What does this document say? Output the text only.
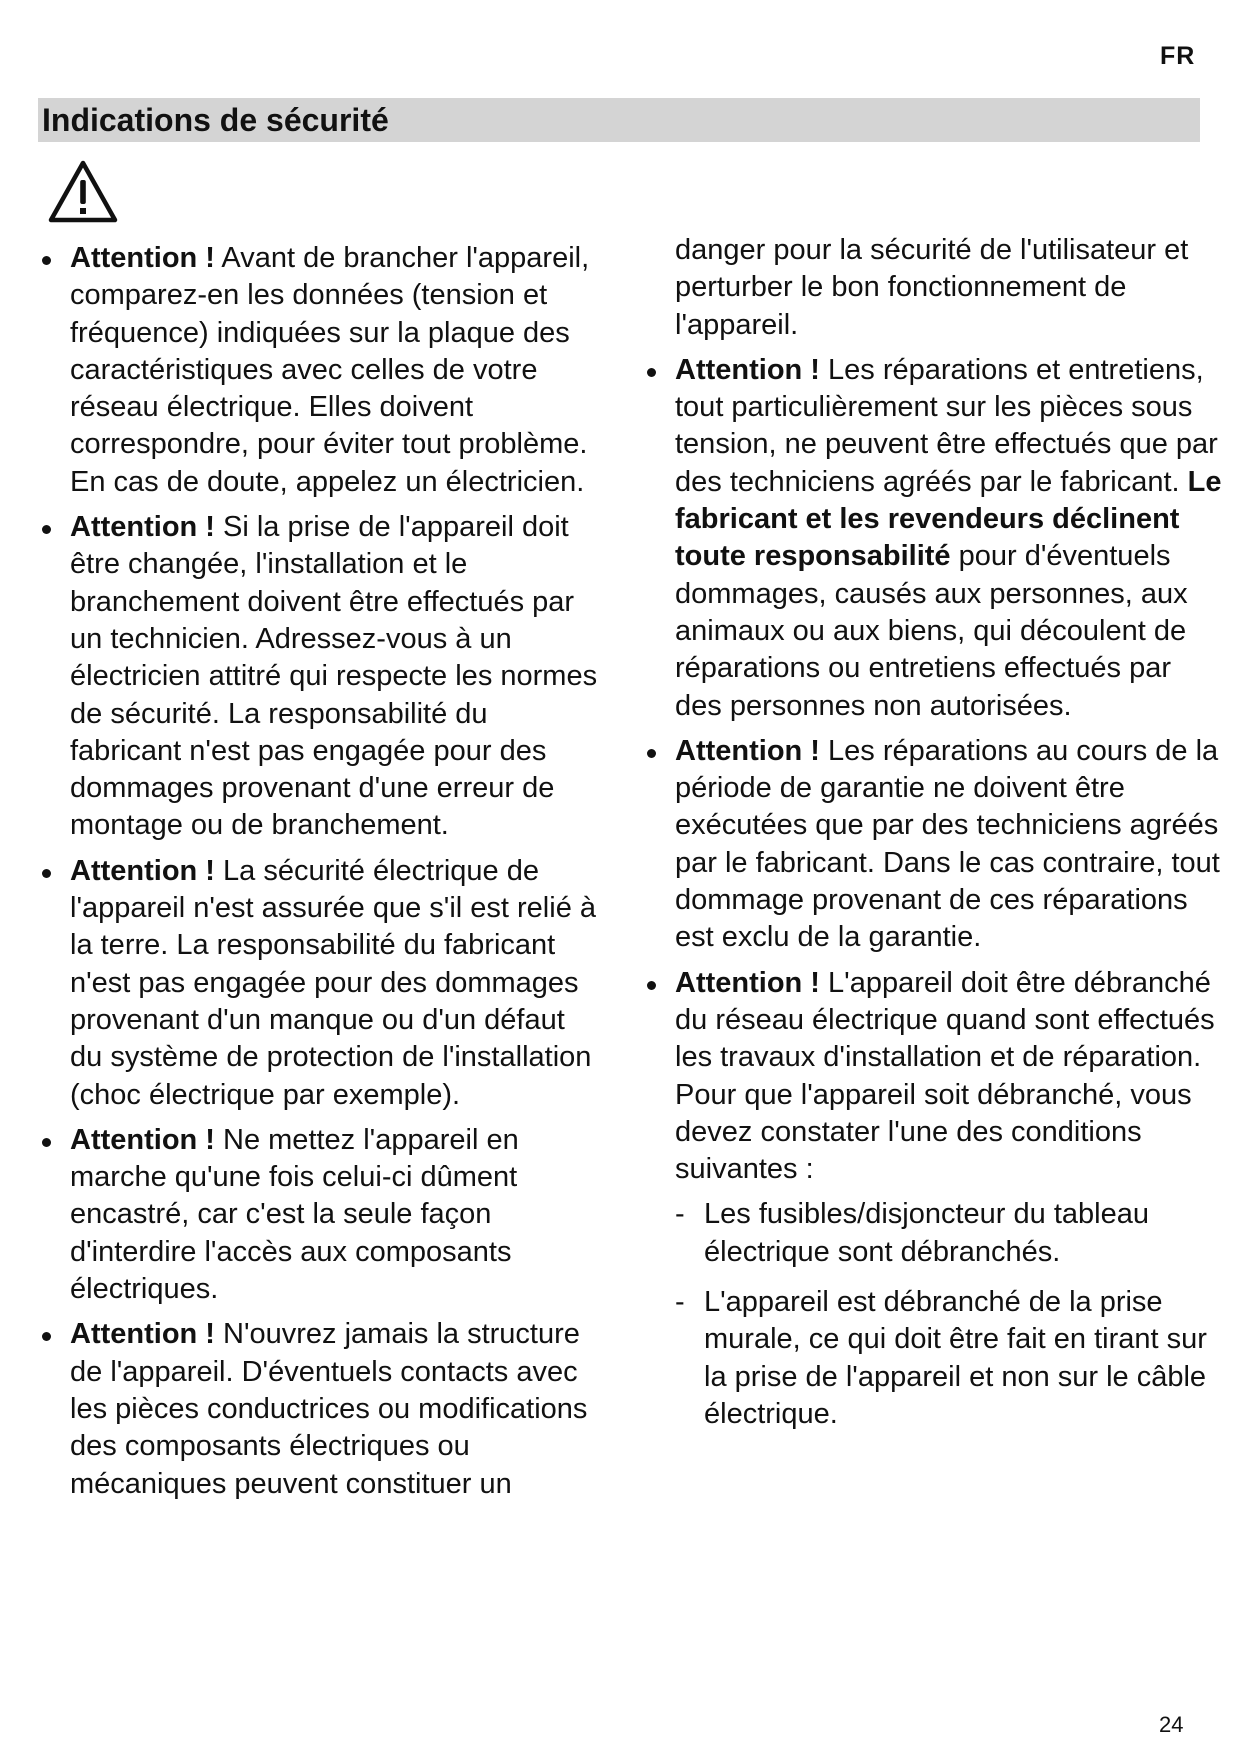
FR
Indications de sécurité
Attention ! Avant de brancher l'appareil, comparez-en les données (tension et fréquence) indiquées sur la plaque des caractéristiques avec celles de votre réseau électrique. Elles doivent correspondre, pour éviter tout problème. En cas de doute, appelez un électricien.
Attention ! Si la prise de l'appareil doit être changée, l'installation et le branchement doivent être effectués par un technicien. Adressez-vous à un électricien attitré qui respecte les normes de sécurité. La responsabilité du fabricant n'est pas engagée pour des dommages provenant d'une erreur de montage ou de branchement.
Attention ! La sécurité électrique de l'appareil n'est assurée que s'il est relié à la terre. La responsabilité du fabricant n'est pas engagée pour des dommages provenant d'un manque ou d'un défaut du système de protection de l'installation (choc électrique par exemple).
Attention ! Ne mettez l'appareil en marche qu'une fois celui-ci dûment encastré, car c'est la seule façon d'interdire l'accès aux composants électriques.
Attention ! N'ouvrez jamais la structure de l'appareil. D'éventuels contacts avec les pièces conductrices ou modifications des composants électriques ou mécaniques peuvent constituer un
danger pour la sécurité de l'utilisateur et perturber le bon fonctionnement de l'appareil.
Attention ! Les réparations et entretiens, tout particulièrement sur les pièces sous tension, ne peuvent être effectués que par des techniciens agréés par le fabricant. Le fabricant et les revendeurs déclinent toute responsabilité pour d'éventuels dommages, causés aux personnes, aux animaux ou aux biens, qui découlent de réparations ou entretiens effectués par des personnes non autorisées.
Attention ! Les réparations au cours de la période de garantie ne doivent être exécutées que par des techniciens agréés par le fabricant. Dans le cas contraire, tout dommage provenant de ces réparations est exclu de la garantie.
Attention ! L'appareil doit être débranché du réseau électrique quand sont effectués les travaux d'installation et de réparation. Pour que l'appareil soit débranché, vous devez constater l'une des conditions suivantes :
- Les fusibles/disjoncteur du tableau électrique sont débranchés.
- L'appareil est débranché de la prise murale, ce qui doit être fait en tirant sur la prise de l'appareil et non sur le câble électrique.
24
